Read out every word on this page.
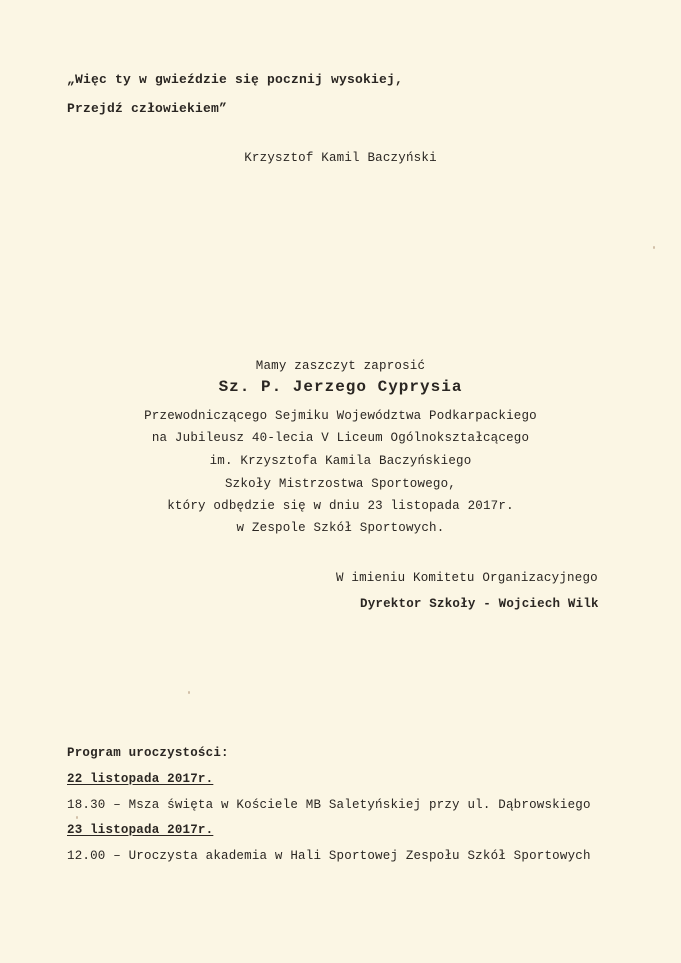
„Więc ty w gwieździe się pocznij wysokiej,
Przejdź człowiekiem”
Krzysztof Kamil Baczyński
Mamy zaszczyt zaprosić
Sz. P. Jerzego Cyprysia
Przewodniczącego Sejmiku Województwa Podkarpackiego
na Jubileusz 40-lecia V Liceum Ogólnokształcącego
im. Krzysztofa Kamila Baczyńskiego
Szkoły Mistrzostwa Sportowego,
który odbędzie się w dniu 23 listopada 2017r.
w Zespole Szkół Sportowych.
W imieniu Komitetu Organizacyjnego
Dyrektor Szkoły - Wojciech Wilk
Program uroczystości:
22 listopada 2017r.
18.30 – Msza święta w Kościele MB Saletyńskiej przy ul. Dąbrowskiego
23 listopada 2017r.
12.00 – Uroczysta akademia w Hali Sportowej Zespołu Szkół Sportowych
